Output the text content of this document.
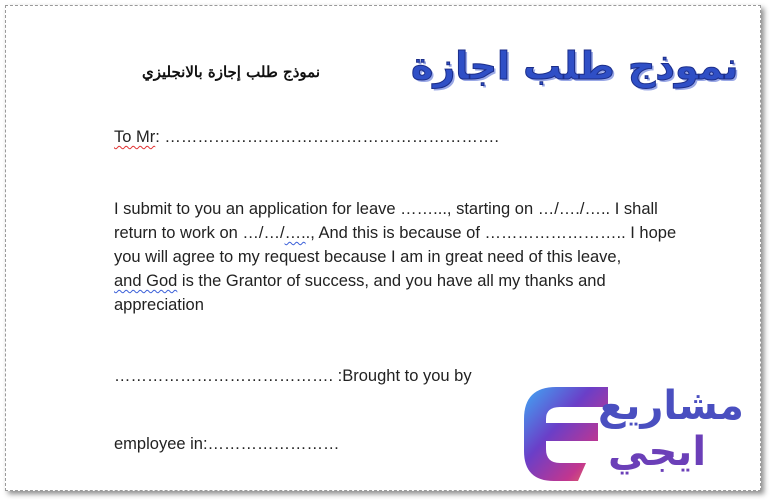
نموذج طلب اجازة
نموذج طلب إجازة بالانجليزي
To Mr: …………………………………………………….
I submit to you an application for leave ……..., starting on …/…./….. I shall
return to work on …/…/….., And this is because of …………………….. I hope
you will agree to my request because I am in great need of this leave,
and God is the Grantor of success, and you have all my thanks and
appreciation
…………………………………. :Brought to you by
employee in:……………………
مشاريع
ايجي
